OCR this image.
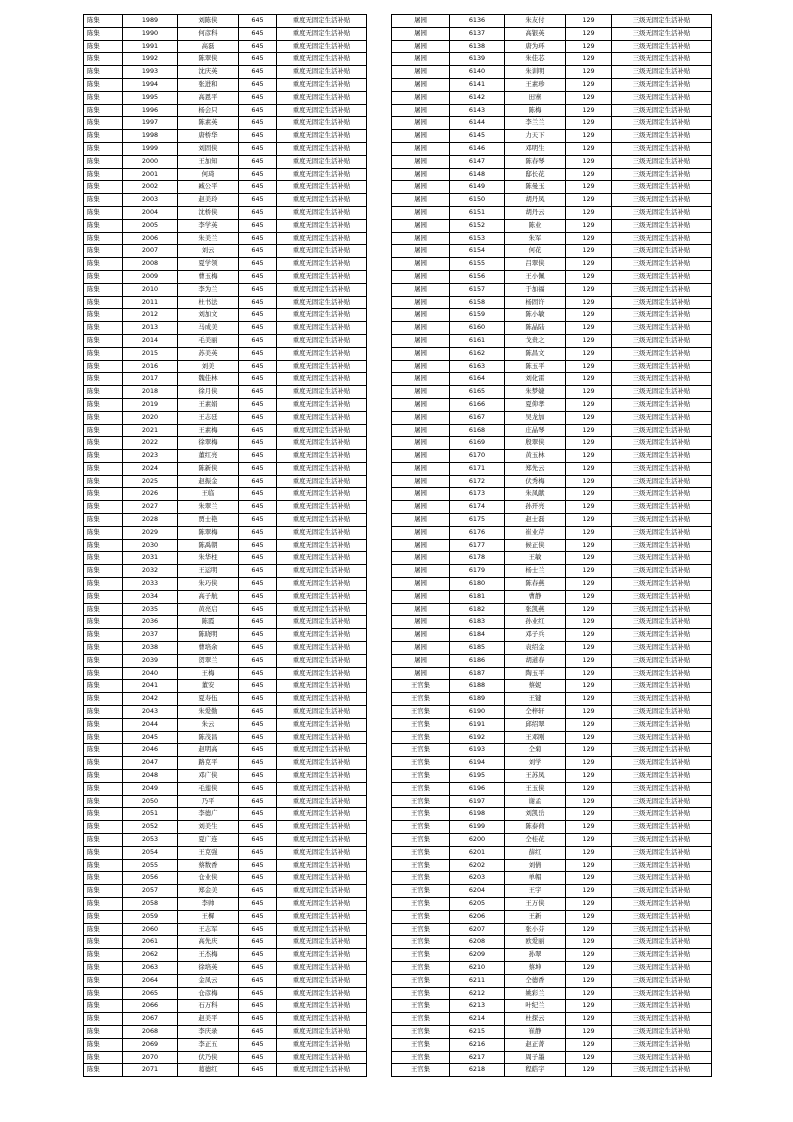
陈集	1989	刘陈侠	645	重度无固定生活补贴
陈集	1990	何彦科	645	重度无固定生活补贴
陈集	1991	高磊	645	重度无固定生活补贴
陈集	1992	陈翠侠	645	重度无固定生活补贴
陈集	1993	沈庆英	645	重度无固定生活补贴
陈集	1994	张进和	645	重度无固定生活补贴
陈集	1995	高恩平	645	重度无固定生活补贴
陈集	1996	杨会只	645	重度无固定生活补贴
陈集	1997	陈素英	645	重度无固定生活补贴
陈集	1998	唐桥华	645	重度无固定生活补贴
陈集	1999	刘固侠	645	重度无固定生活补贴
陈集	2000	王加知	645	重度无固定生活补贴
陈集	2001	何琦	645	重度无固定生活补贴
陈集	2002	臧公平	645	重度无固定生活补贴
陈集	2003	赵美玲	645	重度无固定生活补贴
陈集	2004	沈桥侠	645	重度无固定生活补贴
陈集	2005	李学英	645	重度无固定生活补贴
陈集	2006	朱美兰	645	重度无固定生活补贴
陈集	2007	刘云	645	重度无固定生活补贴
陈集	2008	夏学领	645	重度无固定生活补贴
陈集	2009	曹玉梅	645	重度无固定生活补贴
陈集	2010	李为兰	645	重度无固定生活补贴
陈集	2011	杜书法	645	重度无固定生活补贴
陈集	2012	刘加文	645	重度无固定生活补贴
陈集	2013	马成美	645	重度无固定生活补贴
陈集	2014	毛美丽	645	重度无固定生活补贴
陈集	2015	苏美英	645	重度无固定生活补贴
陈集	2016	刘美	645	重度无固定生活补贴
陈集	2017	魏佳林	645	重度无固定生活补贴
陈集	2018	徐月侠	645	重度无固定生活补贴
陈集	2019	王素娟	645	重度无固定生活补贴
陈集	2020	王志廷	645	重度无固定生活补贴
陈集	2021	王素梅	645	重度无固定生活补贴
陈集	2022	徐翠梅	645	重度无固定生活补贴
陈集	2023	董红亮	645	重度无固定生活补贴
陈集	2024	陈新侠	645	重度无固定生活补贴
陈集	2025	赵振金	645	重度无固定生活补贴
陈集	2026	王临	645	重度无固定生活补贴
陈集	2027	朱翠兰	645	重度无固定生活补贴
陈集	2028	贾士艳	645	重度无固定生活补贴
陈集	2029	陈翠梅	645	重度无固定生活补贴
陈集	2030	陈禹朝	645	重度无固定生活补贴
陈集	2031	朱华柱	645	重度无固定生活补贴
陈集	2032	王运明	645	重度无固定生活补贴
陈集	2033	朱巧侠	645	重度无固定生活补贴
陈集	2034	高子航	645	重度无固定生活补贴
陈集	2035	黄亮启	645	重度无固定生活补贴
陈集	2036	陈霞	645	重度无固定生活补贴
陈集	2037	陈晓明	645	重度无固定生活补贴
陈集	2038	曹培余	645	重度无固定生活补贴
陈集	2039	贺翠兰	645	重度无固定生活补贴
陈集	2040	王梅	645	重度无固定生活补贴
陈集	2041	董安	645	重度无固定生活补贴
陈集	2042	夏寿伍	645	重度无固定生活补贴
陈集	2043	朱爱勤	645	重度无固定生活补贴
陈集	2044	朱云	645	重度无固定生活补贴
陈集	2045	陈茂昌	645	重度无固定生活补贴
陈集	2046	赵明高	645	重度无固定生活补贴
陈集	2047	路克平	645	重度无固定生活补贴
陈集	2048	邓广侠	645	重度无固定生活补贴
陈集	2049	毛莲侠	645	重度无固定生活补贴
陈集	2050	乃平	645	重度无固定生活补贴
陈集	2051	李德广	645	重度无固定生活补贴
陈集	2052	刘美生	645	重度无固定生活补贴
陈集	2053	夏广连	645	重度无固定生活补贴
陈集	2054	王克强	645	重度无固定生活补贴
陈集	2055	蔡数香	645	重度无固定生活补贴
陈集	2056	仓业侠	645	重度无固定生活补贴
陈集	2057	郑金美	645	重度无固定生活补贴
陈集	2058	李帅	645	重度无固定生活补贴
陈集	2059	王樨	645	重度无固定生活补贴
陈集	2060	王志军	645	重度无固定生活补贴
陈集	2061	高先庆	645	重度无固定生活补贴
陈集	2062	王杰梅	645	重度无固定生活补贴
陈集	2063	徐培英	645	重度无固定生活补贴
陈集	2064	金凤云	645	重度无固定生活补贴
陈集	2065	仓彦梅	645	重度无固定生活补贴
陈集	2066	石万科	645	重度无固定生活补贴
陈集	2067	赵美平	645	重度无固定生活补贴
陈集	2068	李庆录	645	重度无固定生活补贴
陈集	2069	李正五	645	重度无固定生活补贴
陈集	2070	伏乃侠	645	重度无固定生活补贴
陈集	2071	葛德红	645	重度无固定生活补贴
屠园	6136	朱友付	129	三级无固定生活补贴
屠园	6137	高银英	129	三级无固定生活补贴
屠园	6138	唐为环	129	三级无固定生活补贴
屠园	6139	朱佳芯	129	三级无固定生活补贴
屠园	6140	朱训明	129	三级无固定生活补贴
屠园	6141	王素珍	129	三级无固定生活补贴
屠园	6142	田寨	129	三级无固定生活补贴
屠园	6143	陈梅	129	三级无固定生活补贴
屠园	6144	李兰兰	129	三级无固定生活补贴
屠园	6145	力天下	129	三级无固定生活补贴
屠园	6146	邓明生	129	三级无固定生活补贴
屠园	6147	陈春琴	129	三级无固定生活补贴
屠园	6148	邸长花	129	三级无固定生活补贴
屠园	6149	陈曼玉	129	三级无固定生活补贴
屠园	6150	胡丹凤	129	三级无固定生活补贴
屠园	6151	胡丹云	129	三级无固定生活补贴
屠园	6152	陈业	129	三级无固定生活补贴
屠园	6153	朱军	129	三级无固定生活补贴
屠园	6154	何花	129	三级无固定生活补贴
屠园	6155	吕翠侠	129	三级无固定生活补贴
屠园	6156	王小佩	129	三级无固定生活补贴
屠园	6157	于加福	129	三级无固定生活补贴
屠园	6158	杨固许	129	三级无固定生活补贴
屠园	6159	陈小敏	129	三级无固定生活补贴
屠园	6160	陈晶陆	129	三级无固定生活补贴
屠园	6161	戈贵之	129	三级无固定生活补贴
屠园	6162	陈昌文	129	三级无固定生活补贴
屠园	6163	陈玉平	129	三级无固定生活补贴
屠园	6164	刘化雷	129	三级无固定生活补贴
屠园	6165	朱梦婕	129	三级无固定生活补贴
屠园	6166	夏仰孝	129	三级无固定生活补贴
屠园	6167	吴龙加	129	三级无固定生活补贴
屠园	6168	庄晶琴	129	三级无固定生活补贴
屠园	6169	殷翠侠	129	三级无固定生活补贴
屠园	6170	黄玉林	129	三级无固定生活补贴
屠园	6171	郑先云	129	三级无固定生活补贴
屠园	6172	伏秀梅	129	三级无固定生活补贴
屠园	6173	朱凤献	129	三级无固定生活补贴
屠园	6174	孙开亮	129	三级无固定生活补贴
屠园	6175	赵士磊	129	三级无固定生活补贴
屠园	6176	崔业芹	129	三级无固定生活补贴
屠园	6177	候正侠	129	三级无固定生活补贴
屠园	6178	王敏	129	三级无固定生活补贴
屠园	6179	杨士兰	129	三级无固定生活补贴
屠园	6180	陈春燕	129	三级无固定生活补贴
屠园	6181	曹静	129	三级无固定生活补贴
屠园	6182	张凯燕	129	三级无固定生活补贴
屠园	6183	孙业红	129	三级无固定生活补贴
屠园	6184	邓子兵	129	三级无固定生活补贴
屠园	6185	袁绍金	129	三级无固定生活补贴
屠园	6186	胡道春	129	三级无固定生活补贴
屠园	6187	陶玉平	129	三级无固定生活补贴
王官集	6188	蔡妮	129	三级无固定生活补贴
王官集	6189	王键	129	三级无固定生活补贴
王官集	6190	仝梓轩	129	三级无固定生活补贴
王官集	6191	邱绍翠	129	三级无固定生活补贴
王官集	6192	王邓刚	129	三级无固定生活补贴
王官集	6193	仝菊	129	三级无固定生活补贴
王官集	6194	刘学	129	三级无固定生活补贴
王官集	6195	王苏凤	129	三级无固定生活补贴
王官集	6196	王玉侠	129	三级无固定生活补贴
王官集	6197	谢孟	129	三级无固定生活补贴
王官集	6198	刘凯岳	129	三级无固定生活补贴
王官集	6199	陈泰荷	129	三级无固定生活补贴
王官集	6200	仝桂花	129	三级无固定生活补贴
王官集	6201	薛红	129	三级无固定生活补贴
王官集	6202	刘倩	129	三级无固定生活补贴
王官集	6203	单帽	129	三级无固定生活补贴
王官集	6204	王宇	129	三级无固定生活补贴
王官集	6205	王万侠	129	三级无固定生活补贴
王官集	6206	王新	129	三级无固定生活补贴
王官集	6207	张小芬	129	三级无固定生活补贴
王官集	6208	欧爱丽	129	三级无固定生活补贴
王官集	6209	孙翠	129	三级无固定生活补贴
王官集	6210	蔡坤	129	三级无固定生活补贴
王官集	6211	仝德香	129	三级无固定生活补贴
王官集	6212	姚彩兰	129	三级无固定生活补贴
王官集	6213	叶纪兰	129	三级无固定生活补贴
王官集	6214	杜探云	129	三级无固定生活补贴
王官集	6215	崔静	129	三级无固定生活补贴
王官集	6216	赵正菁	129	三级无固定生活补贴
王官集	6217	周子墨	129	三级无固定生活补贴
王官集	6218	程皓宇	129	三级无固定生活补贴
